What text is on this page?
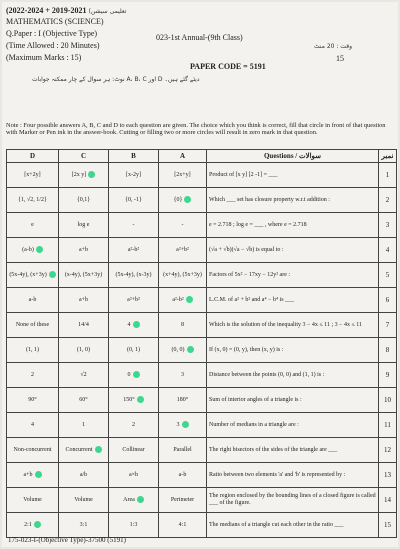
(2022-2024 + 2019-2021 (تعلیمی سیشن
MATHEMATICS (SCIENCE)
Q.Paper : I (Objective Type)
(Time Allowed : 20 Minutes)
(Maximum Marks : 15)
023-1st Annual-(9th Class)
PAPER CODE = 5191
وقت : 20 منٹ
15
نوٹ: ہر سوال کے چار ممکنہ جوابات A، B، C اور D دیئے گئے ہیں۔
Note : Four possible answers A, B, C and D to each question are given. The choice which you think is correct, fill that circle in front of that question with Marker or Pen ink in the answer-book. Cutting or filling two or more circles will result in zero mark in that question.
D	C	B	A	Questions / سوالات	نمبر
[x+2y]	[2x y]	[x-2y]	[2x+y]	Product of [x y] [2 -1] = ___	1
{1, √2, 1/2}	{0,1}	{0, -1}	{0}	Which ___ set has closure property w.r.t addition :	2
e	log e	-	-	e = 2.718 ; log e = ___ , where e = 2.718	3
(a-b)	a+b	a²-b²	a²+b²	(√a + √b)(√a − √b) is equal to :	4
(5x-4y), (x+3y)	(x-4y), (5x+3y)	(5x-4y), (x-3y)	(x+4y), (5x+3y)	Factors of 5x² − 17xy − 12y² are :	5
a-b	a+b	a²+b²	a²-b²	L.C.M. of a² + b² and a⁴ − b⁴ is ___	6
None of these	14/4	4	8	Which is the solution of the inequality 3 − 4x ≤ 11 ; 3 − 4x ≤ 11	7
(1, 1)	(1, 0)	(0, 1)	(0, 0)	If (x, 0) = (0, y), then (x, y) is :	8
2	√2	0	3	Distance between the points (0, 0) and (1, 1) is :	9
90°	60°	150°	180°	Sum of interior angles of a triangle is :	10
4	1	2	3	Number of medians in a triangle are :	11
Non-concurrent	Concurrent	Collinear	Parallel	The right bisectors of the sides of the triangle are ___	12
a+b	a/b	a×b	a-b	Ratio between two elements 'a' and 'b' is represented by :	13
Volume	Volume	Area	Perimeter	The region enclosed by the bounding lines of a closed figure is called ___ of the figure.	14
2:1	3:1	1:3	4:1	The medians of a triangle cut each other in the ratio ___	15
175-023-I-(Objective Type)-37500 (5191)
